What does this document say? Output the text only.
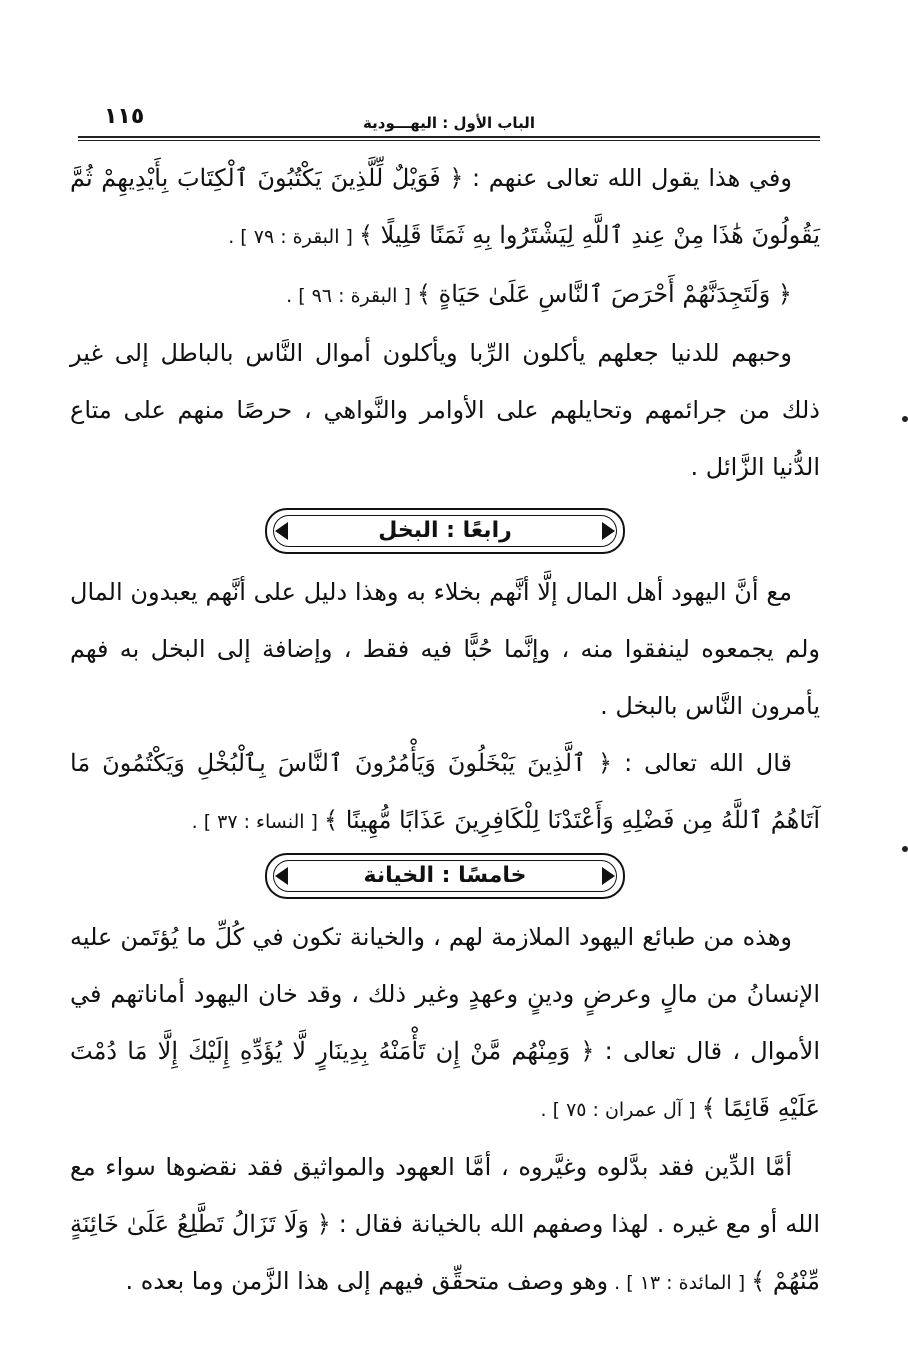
١١٥	الباب الأول : اليهـــودية

وفي هذا يقول الله تعالى عنهم : ﴿ فَوَيْلٌ لِّلَّذِينَ يَكْتُبُونَ ٱلْكِتَابَ بِأَيْدِيهِمْ ثُمَّ يَقُولُونَ هَٰذَا مِنْ عِندِ ٱللَّهِ لِيَشْتَرُوا بِهِ ثَمَنًا قَلِيلًا ﴾ [ البقرة : ٧٩ ] .

﴿ وَلَتَجِدَنَّهُمْ أَحْرَصَ ٱلنَّاسِ عَلَىٰ حَيَاةٍ ﴾ [ البقرة : ٩٦ ] .

وحبهم للدنيا جعلهم يأكلون الرِّبا ويأكلون أموال النَّاس بالباطل إلى غير ذلك من جرائمهم وتحايلهم على الأوامر والنَّواهي ، حرصًا منهم على متاع الدُّنيا الزَّائل .

رابعًا : البخل

مع أنَّ اليهود أهل المال إلَّا أنَّهم بخلاء به وهذا دليل على أنَّهم يعبدون المال ولم يجمعوه لينفقوا منه ، وإنَّما حُبًّا فيه فقط ، وإضافة إلى البخل به فهم يأمرون النَّاس بالبخل .

قال الله تعالى : ﴿ ٱلَّذِينَ يَبْخَلُونَ وَيَأْمُرُونَ ٱلنَّاسَ بِٱلْبُخْلِ وَيَكْتُمُونَ مَا آتَاهُمُ ٱللَّهُ مِن فَضْلِهِ وَأَعْتَدْنَا لِلْكَافِرِينَ عَذَابًا مُّهِينًا ﴾ [ النساء : ٣٧ ] .

خامسًا : الخيانة

وهذه من طبائع اليهود الملازمة لهم ، والخيانة تكون في كُلِّ ما يُؤتَمن عليه الإنسانُ من مالٍ وعرضٍ ودينٍ وعهدٍ وغير ذلك ، وقد خان اليهود أماناتهم في الأموال ، قال تعالى : ﴿ وَمِنْهُم مَّنْ إِن تَأْمَنْهُ بِدِينَارٍ لَّا يُؤَدِّهِ إِلَيْكَ إِلَّا مَا دُمْتَ عَلَيْهِ قَائِمًا ﴾ [ آل عمران : ٧٥ ] .

أمَّا الدِّين فقد بدَّلوه وغيَّروه ، أمَّا العهود والمواثيق فقد نقضوها سواء مع الله أو مع غيره . لهذا وصفهم الله بالخيانة فقال : ﴿ وَلَا تَزَالُ تَطَّلِعُ عَلَىٰ خَائِنَةٍ مِّنْهُمْ ﴾ [ المائدة : ١٣ ] . وهو وصف متحقِّق فيهم إلى هذا الزَّمن وما بعده .
